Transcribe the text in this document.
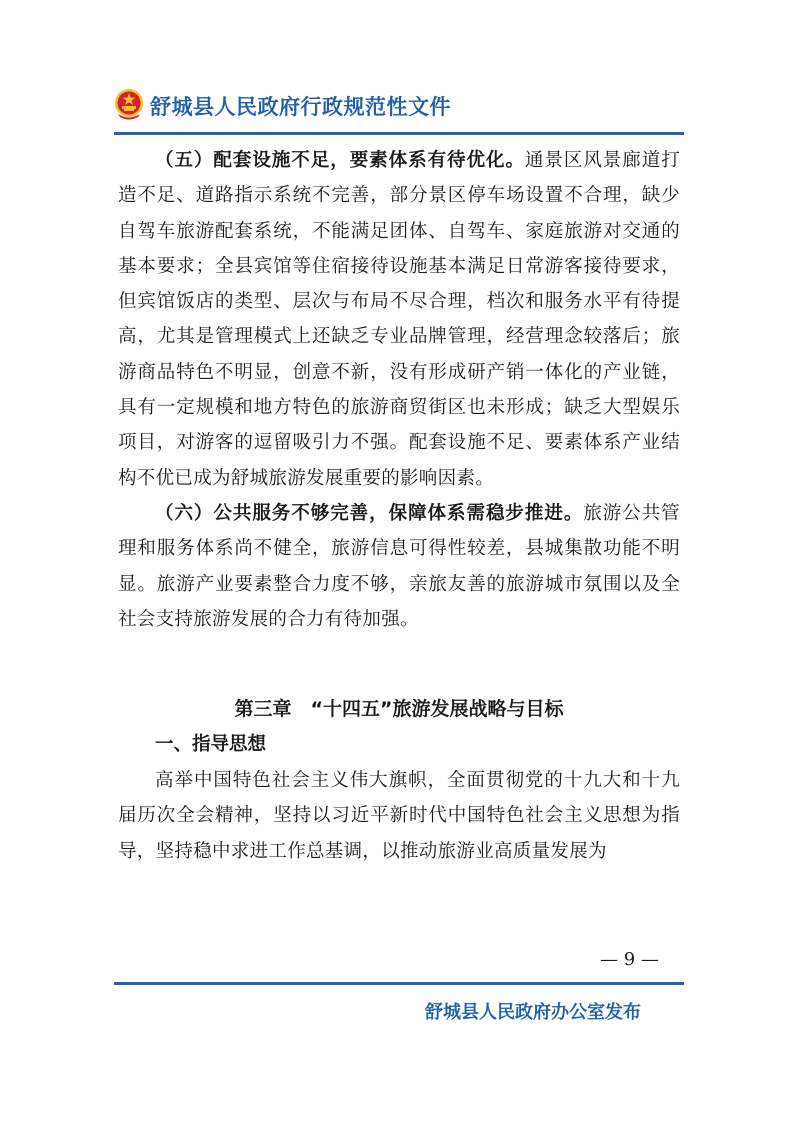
舒城县人民政府行政规范性文件

（五）配套设施不足，要素体系有待优化。通景区风景廊道打造不足、道路指示系统不完善，部分景区停车场设置不合理，缺少自驾车旅游配套系统，不能满足团体、自驾车、家庭旅游对交通的基本要求；全县宾馆等住宿接待设施基本满足日常游客接待要求，但宾馆饭店的类型、层次与布局不尽合理，档次和服务水平有待提高，尤其是管理模式上还缺乏专业品牌管理，经营理念较落后；旅游商品特色不明显，创意不新，没有形成研产销一体化的产业链，具有一定规模和地方特色的旅游商贸街区也未形成；缺乏大型娱乐项目，对游客的逗留吸引力不强。配套设施不足、要素体系产业结构不优已成为舒城旅游发展重要的影响因素。

（六）公共服务不够完善，保障体系需稳步推进。旅游公共管理和服务体系尚不健全，旅游信息可得性较差，县城集散功能不明显。旅游产业要素整合力度不够，亲旅友善的旅游城市氛围以及全社会支持旅游发展的合力有待加强。

第三章　“十四五”旅游发展战略与目标

一、指导思想

高举中国特色社会主义伟大旗帜，全面贯彻党的十九大和十九届历次全会精神，坚持以习近平新时代中国特色社会主义思想为指导，坚持稳中求进工作总基调，以推动旅游业高质量发展为

— 9 —
舒城县人民政府办公室发布
